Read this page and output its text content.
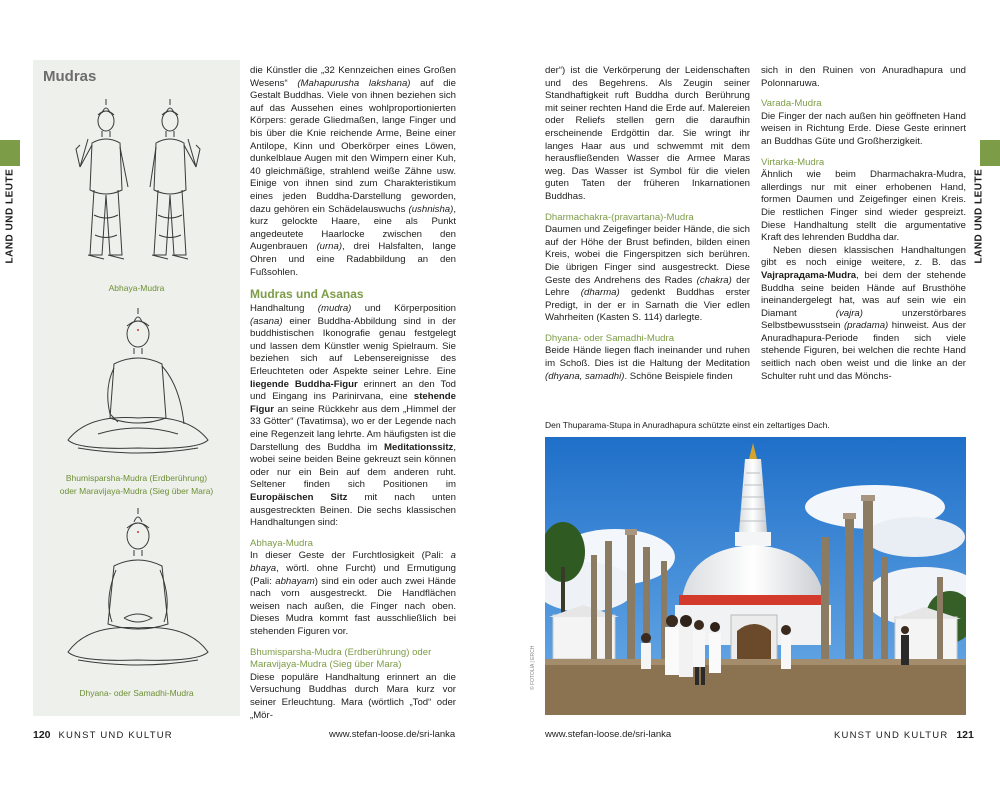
LAND UND LEUTE
Mudras
Abhaya-Mudra
Bhumisparsha-Mudra (Erdberührung)
oder Maravijaya-Mudra (Sieg über Mara)
Dhyana- oder Samadhi-Mudra

die Künstler die „32 Kennzeichen eines Großen Wesens“ (Mahapurusha lakshana) auf die Gestalt Buddhas. Viele von ihnen beziehen sich auf das Aussehen eines wohlproportionierten Körpers: gerade Gliedmaßen, lange Finger und bis über die Knie reichende Arme, Beine einer Antilope, Kinn und Oberkörper eines Löwen, dunkelblaue Augen mit den Wimpern einer Kuh, 40 gleichmäßige, strahlend weiße Zähne usw. Einige von ihnen sind zum Charakteristikum eines jeden Buddha-Darstellung geworden, dazu gehören ein Schädelauswuchs (ushnisha), kurz gelockte Haare, eine als Punkt angedeutete Haarlocke zwischen den Augenbrauen (urna), drei Halsfalten, lange Ohren und eine Radabbildung an den Fußsohlen.

Mudras und Asanas

Handhaltung (mudra) und Körperposition (asana) einer Buddha-Abbildung sind in der buddhistischen Ikonografie genau festgelegt und lassen dem Künstler wenig Spielraum. Sie beziehen sich auf Lebensereignisse des Erleuchteten oder Aspekte seiner Lehre. Eine liegende Buddha-Figur erinnert an den Tod und Eingang ins Parinirvana, eine stehende Figur an seine Rückkehr aus dem „Himmel der 33 Götter“ (Tavatimsa), wo er der Legende nach eine Regenzeit lang lehrte. Am häufigsten ist die Darstellung des Buddha im Meditationssitz, wobei seine beiden Beine gekreuzt sein können oder nur ein Bein auf dem anderen ruht. Seltener finden sich Positionen im Europäischen Sitz mit nach unten ausgestreckten Beinen. Die sechs klassischen Handhaltungen sind:

Abhaya-Mudra

In dieser Geste der Furchtlosigkeit (Pali: a bhaya, wörtl. ohne Furcht) und Ermutigung (Pali: abhayam) sind ein oder auch zwei Hände nach vorn ausgestreckt. Die Handflächen weisen nach außen, die Finger nach oben. Dieses Mudra kommt fast ausschließlich bei stehenden Figuren vor.

Bhumisparsha-Mudra (Erdberührung) oder Maravijaya-Mudra (Sieg über Mara)

Diese populäre Handhaltung erinnert an die Versuchung Buddhas durch Mara kurz vor seiner Erleuchtung. Mara (wörtlich „Tod“ oder „Mör-

120 KUNST UND KULTUR	www.stefan-loose.de/sri-lanka
LAND UND LEUTE

der“) ist die Verkörperung der Leidenschaften und des Begehrens. Als Zeugin seiner Standhaftigkeit ruft Buddha durch Berührung mit seiner rechten Hand die Erde auf. Malereien oder Reliefs stellen gern die daraufhin erscheinende Erdgöttin dar. Sie wringt ihr langes Haar aus und schwemmt mit dem herausfließenden Wasser die Armee Maras weg. Das Wasser ist Symbol für die vielen guten Taten der früheren Inkarnationen Buddhas.

Dharmachakra-(pravartana)-Mudra

Daumen und Zeigefinger beider Hände, die sich auf der Höhe der Brust befinden, bilden einen Kreis, wobei die Fingerspitzen sich berühren. Die übrigen Finger sind ausgestreckt. Diese Geste des Andrehens des Rades (chakra) der Lehre (dharma) gedenkt Buddhas erster Predigt, in der er in Sarnath die Vier edlen Wahrheiten (Kasten S. 114) darlegte.

Dhyana- oder Samadhi-Mudra

Beide Hände liegen flach ineinander und ruhen im Schoß. Dies ist die Haltung der Meditation (dhyana, samadhi). Schöne Beispiele finden

sich in den Ruinen von Anuradhapura und Polonnaruwa.

Varada-Mudra

Die Finger der nach außen hin geöffneten Hand weisen in Richtung Erde. Diese Geste erinnert an Buddhas Güte und Großherzigkeit.

Virtarka-Mudra

Ähnlich wie beim Dharmachakra-Mudra, allerdings nur mit einer erhobenen Hand, formen Daumen und Zeigefinger einen Kreis. Die restlichen Finger sind wieder gespreizt. Diese Handhaltung stellt die argumentative Kraft des lehrenden Buddha dar.

Neben diesen klassischen Handhaltungen gibt es noch einige weitere, z. B. das Vajraprадama-Mudra, bei dem der stehende Buddha seine beiden Hände auf Brusthöhe ineinandergelegt hat, was auf sein wie ein Diamant (vajra) unzerstörbares Selbstbewusstsein (pradama) hinweist. Aus der Anuradhapura-Periode finden sich viele stehende Figuren, bei welchen die rechte Hand seitlich nach oben weist und die linke an der Schulter ruht und das Mönchs-

Den Thuparama-Stupa in Anuradhapura schützte einst ein zeltartiges Dach.
© FOTOLIA | ERCH
www.stefan-loose.de/sri-lanka	KUNST UND KULTUR 121
